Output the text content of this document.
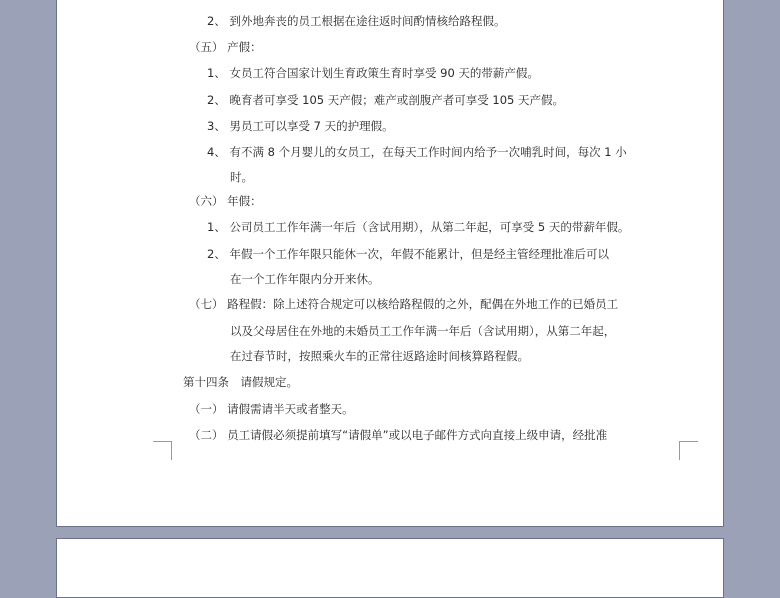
2、 到外地奔丧的员工根据在途往返时间酌情核给路程假。
（五） 产假：
1、 女员工符合国家计划生育政策生育时享受 90 天的带薪产假。
2、 晚育者可享受 105 天产假；难产或剖腹产者可享受 105 天产假。
3、 男员工可以享受 7 天的护理假。
4、 有不满 8 个月婴儿的女员工，在每天工作时间内给予一次哺乳时间，每次 1 小
时。
（六） 年假：
1、 公司员工工作年满一年后（含试用期），从第二年起，可享受 5 天的带薪年假。
2、 年假一个工作年限只能休一次，年假不能累计，但是经主管经理批准后可以
在一个工作年限内分开来休。
（七） 路程假：除上述符合规定可以核给路程假的之外，配偶在外地工作的已婚员工
以及父母居住在外地的未婚员工工作年满一年后（含试用期），从第二年起，
在过春节时，按照乘火车的正常往返路途时间核算路程假。
第十四条　请假规定。
（一） 请假需请半天或者整天。
（二） 员工请假必须提前填写“请假单”或以电子邮件方式向直接上级申请，经批准
